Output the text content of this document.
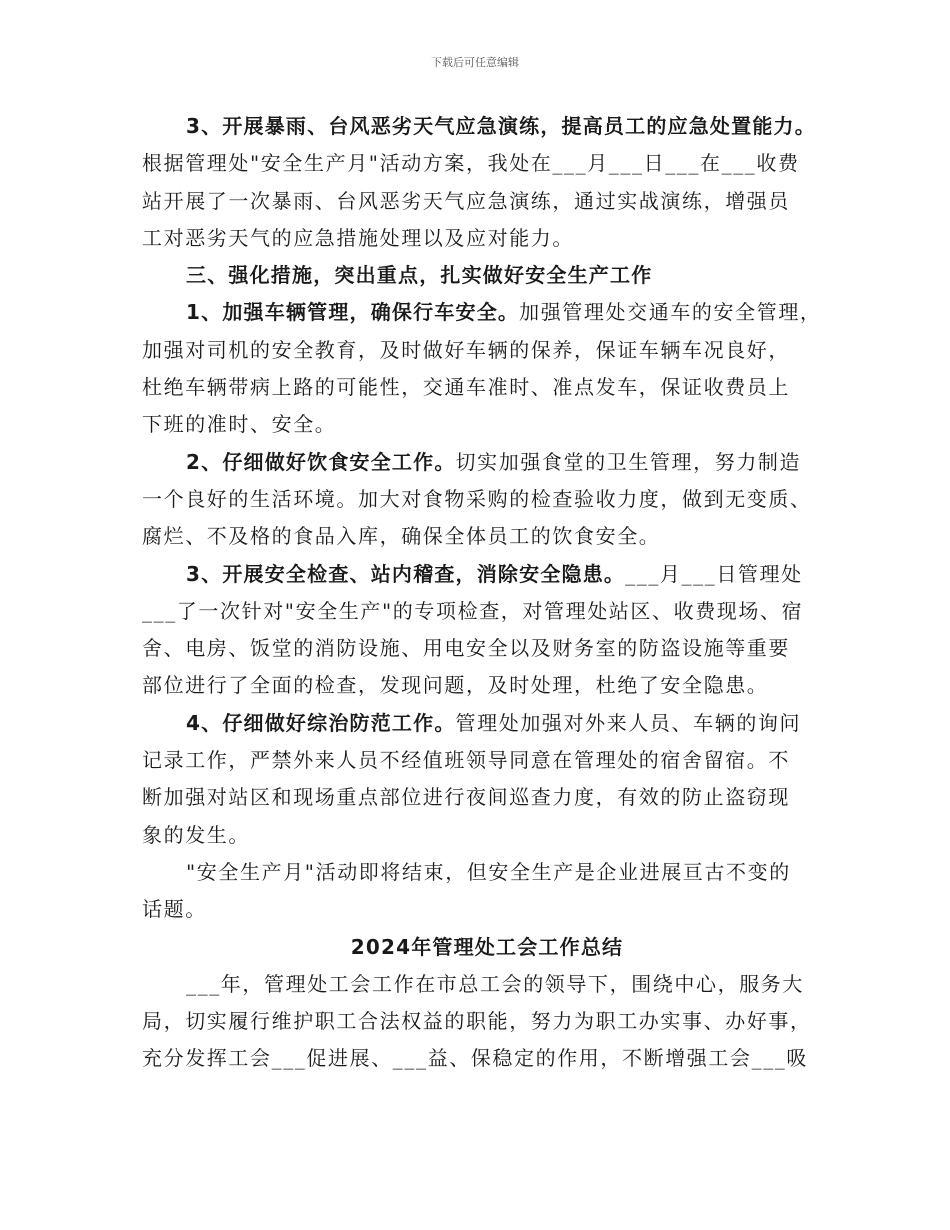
下载后可任意编辑
3、开展暴雨、台风恶劣天气应急演练，提高员工的应急处置能力。
根据管理处"安全生产月"活动方案，我处在___月___日___在___收费
站开展了一次暴雨、台风恶劣天气应急演练，通过实战演练，增强员
工对恶劣天气的应急措施处理以及应对能力。
三、强化措施，突出重点，扎实做好安全生产工作
1、加强车辆管理，确保行车安全。加强管理处交通车的安全管理，
加强对司机的安全教育，及时做好车辆的保养，保证车辆车况良好，
杜绝车辆带病上路的可能性，交通车准时、准点发车，保证收费员上
下班的准时、安全。
2、仔细做好饮食安全工作。切实加强食堂的卫生管理，努力制造
一个良好的生活环境。加大对食物采购的检查验收力度，做到无变质、
腐烂、不及格的食品入库，确保全体员工的饮食安全。
3、开展安全检查、站内稽查，消除安全隐患。___月___日管理处
___了一次针对"安全生产"的专项检查，对管理处站区、收费现场、宿
舍、电房、饭堂的消防设施、用电安全以及财务室的防盗设施等重要
部位进行了全面的检查，发现问题，及时处理，杜绝了安全隐患。
4、仔细做好综治防范工作。管理处加强对外来人员、车辆的询问
记录工作，严禁外来人员不经值班领导同意在管理处的宿舍留宿。不
断加强对站区和现场重点部位进行夜间巡查力度，有效的防止盗窃现
象的发生。
"安全生产月"活动即将结束，但安全生产是企业进展亘古不变的
话题。
2024年管理处工会工作总结
___年，管理处工会工作在市总工会的领导下，围绕中心，服务大
局，切实履行维护职工合法权益的职能，努力为职工办实事、办好事，
充分发挥工会___促进展、___益、保稳定的作用，不断增强工会___吸
